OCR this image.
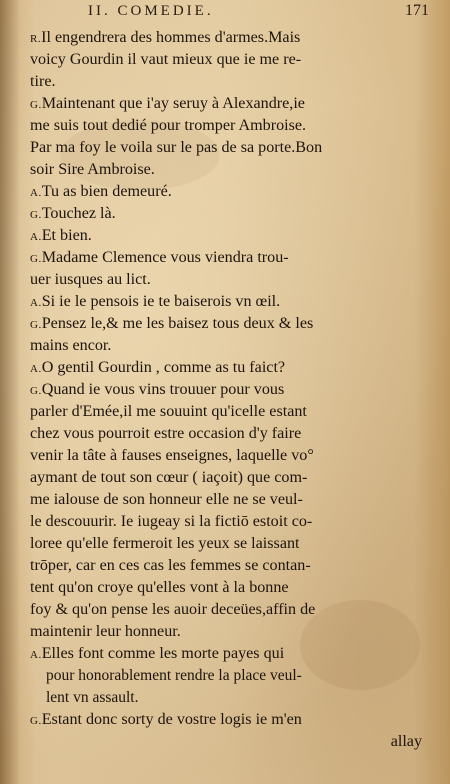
II. COMEDIE.	171
R.Il engendrera des hommes d'armes.Mais
voicy Gourdin il vaut mieux que ie me re-
tire.
G.Maintenant que i'ay seruy à Alexandre,ie
me suis tout dedié pour tromper Ambroise.
Par ma foy le voila sur le pas de sa porte.Bon
soir Sire Ambroise.
A.Tu as bien demeuré.
G.Touchez là.
A.Et bien.
G.Madame Clemence vous viendra trou-
uer iusques au lict.
A.Si ie le pensois ie te baiserois vn œil.
G.Pensez le,& me les baisez tous deux & les
mains encor.
A.O gentil Gourdin , comme as tu faict?
G.Quand ie vous vins trouuer pour vous
parler d'Emée,il me souuint qu'icelle estant
chez vous pourroit estre occasion d'y faire
venir la tâte à fauses enseignes, laquelle vo°
aymant de tout son cœur ( iaçoit) que com-
me ialouse de son honneur elle ne se veul-
le descouurir. Ie iugeay si la fictiō estoit co-
loree qu'elle fermeroit les yeux se laissant
trōper, car en ces cas les femmes se contan-
tent qu'on croye qu'elles vont à la bonne
foy & qu'on pense les auoir deceües,affin de
maintenir leur honneur.
A.Elles font comme les morte payes qui
pour honorablement rendre la place veul-
lent vn assault.
G.Estant donc sorty de vostre logis ie m'en
allay
